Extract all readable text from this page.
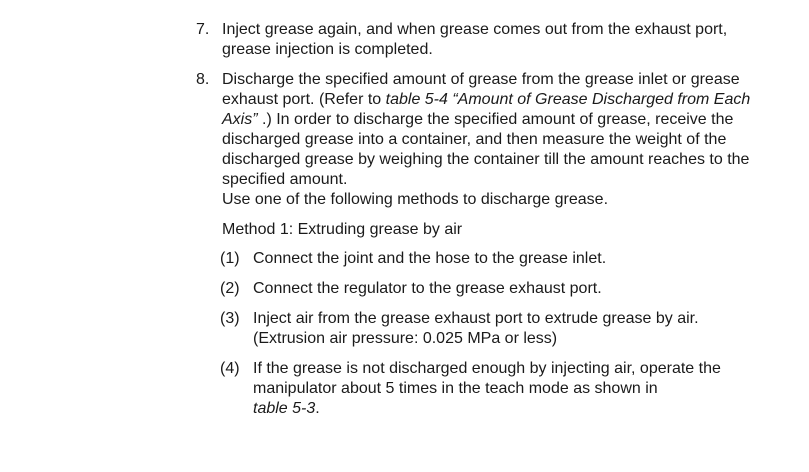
7. Inject grease again, and when grease comes out from the exhaust port, grease injection is completed.

8. Discharge the specified amount of grease from the grease inlet or grease exhaust port. (Refer to table 5-4 “Amount of Grease Discharged from Each Axis” .) In order to discharge the specified amount of grease, receive the discharged grease into a container, and then measure the weight of the discharged grease by weighing the container till the amount reaches to the specified amount.

Use one of the following methods to discharge grease.

Method 1: Extruding grease by air
(1) Connect the joint and the hose to the grease inlet.
(2) Connect the regulator to the grease exhaust port.
(3) Inject air from the grease exhaust port to extrude grease by air.
(Extrusion air pressure: 0.025 MPa or less)
(4) If the grease is not discharged enough by injecting air, operate the manipulator about 5 times in the teach mode as shown in
table 5-3.
